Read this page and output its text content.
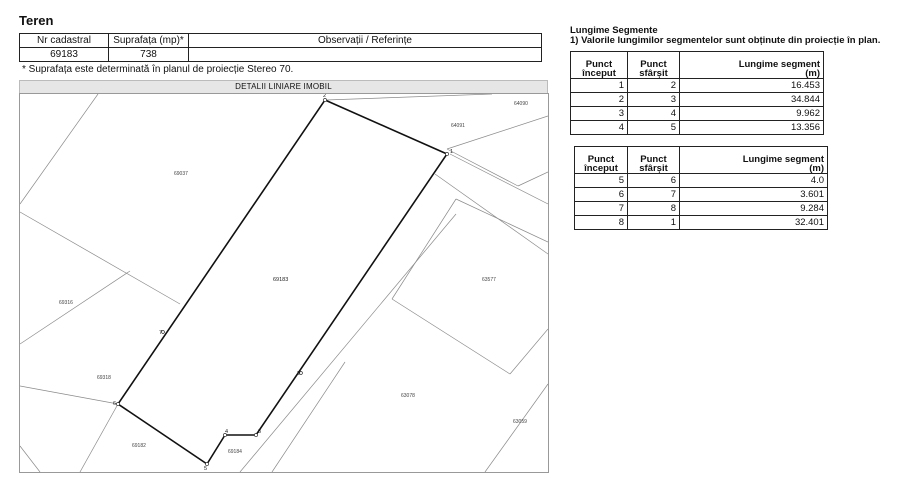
Teren
Nr cadastral	Suprafața (mp)*	Observații / Referințe
69183	738	
* Suprafața este determinată în planul de proiecție Stereo 70.
DETALII LINIARE IMOBIL
1
2
3
4
5
6
7
8
64090
64091
69037
69183	63577
69316
69318
63078
69182
69184
63059
Lungime Segmente
1) Valorile lungimilor segmentelor sunt obținute din proiecție în plan.
Punct început	Punct sfârșit	Lungime segment
(m)
1	2	16.453
2	3	34.844
3	4	9.962
4	5	13.356
Punct început	Punct sfârșit	Lungime segment
(m)
5	6	4.0
6	7	3.601
7	8	9.284
8	1	32.401
